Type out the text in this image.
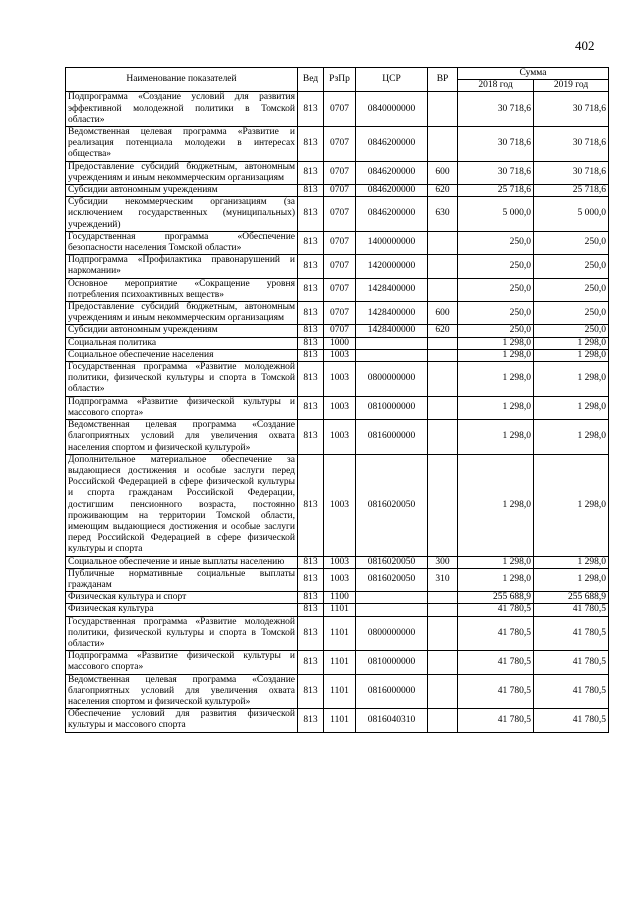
402
Наименование показателей	Вед	РзПр	ЦСР	ВР	Сумма	
					2018 год	2019 год
Подпрограмма «Создание условий для развития эффективной молодежной политики в Томской области»	813	0707	0840000000		30 718,6	30 718,6
Ведомственная целевая программа «Развитие и реализация потенциала молодежи в интересах общества»	813	0707	0846200000		30 718,6	30 718,6
Предоставление субсидий бюджетным, автономным учреждениям и иным некоммерческим организациям	813	0707	0846200000	600	30 718,6	30 718,6
Субсидии автономным учреждениям	813	0707	0846200000	620	25 718,6	25 718,6
Субсидии некоммерческим организациям (за исключением государственных (муниципальных) учреждений)	813	0707	0846200000	630	5 000,0	5 000,0
Государственная программа «Обеспечение безопасности населения Томской области»	813	0707	1400000000		250,0	250,0
Подпрограмма «Профилактика правонарушений и наркомании»	813	0707	1420000000		250,0	250,0
Основное мероприятие «Сокращение уровня потребления психоактивных веществ»	813	0707	1428400000		250,0	250,0
Предоставление субсидий бюджетным, автономным учреждениям и иным некоммерческим организациям	813	0707	1428400000	600	250,0	250,0
Субсидии автономным учреждениям	813	0707	1428400000	620	250,0	250,0
Социальная политика	813	1000			1 298,0	1 298,0
Социальное обеспечение населения	813	1003			1 298,0	1 298,0
Государственная программа «Развитие молодежной политики, физической культуры и спорта в Томской области»	813	1003	0800000000		1 298,0	1 298,0
Подпрограмма «Развитие физической культуры и массового спорта»	813	1003	0810000000		1 298,0	1 298,0
Ведомственная целевая программа «Создание благоприятных условий для увеличения охвата населения спортом и физической культурой»	813	1003	0816000000		1 298,0	1 298,0
Дополнительное материальное обеспечение за выдающиеся достижения и особые заслуги перед Российской Федерацией в сфере физической культуры и спорта гражданам Российской Федерации, достигшим пенсионного возраста, постоянно проживающим на территории Томской области, имеющим выдающиеся достижения и особые заслуги перед Российской Федерацией в сфере физической культуры и спорта	813	1003	0816020050		1 298,0	1 298,0
Социальное обеспечение и иные выплаты населению	813	1003	0816020050	300	1 298,0	1 298,0
Публичные нормативные социальные выплаты гражданам	813	1003	0816020050	310	1 298,0	1 298,0
Физическая культура и спорт	813	1100			255 688,9	255 688,9
Физическая культура	813	1101			41 780,5	41 780,5
Государственная программа «Развитие молодежной политики, физической культуры и спорта в Томской области»	813	1101	0800000000		41 780,5	41 780,5
Подпрограмма «Развитие физической культуры и массового спорта»	813	1101	0810000000		41 780,5	41 780,5
Ведомственная целевая программа «Создание благоприятных условий для увеличения охвата населения спортом и физической культурой»	813	1101	0816000000		41 780,5	41 780,5
Обеспечение условий для развития физической культуры и массового спорта	813	1101	0816040310		41 780,5	41 780,5
